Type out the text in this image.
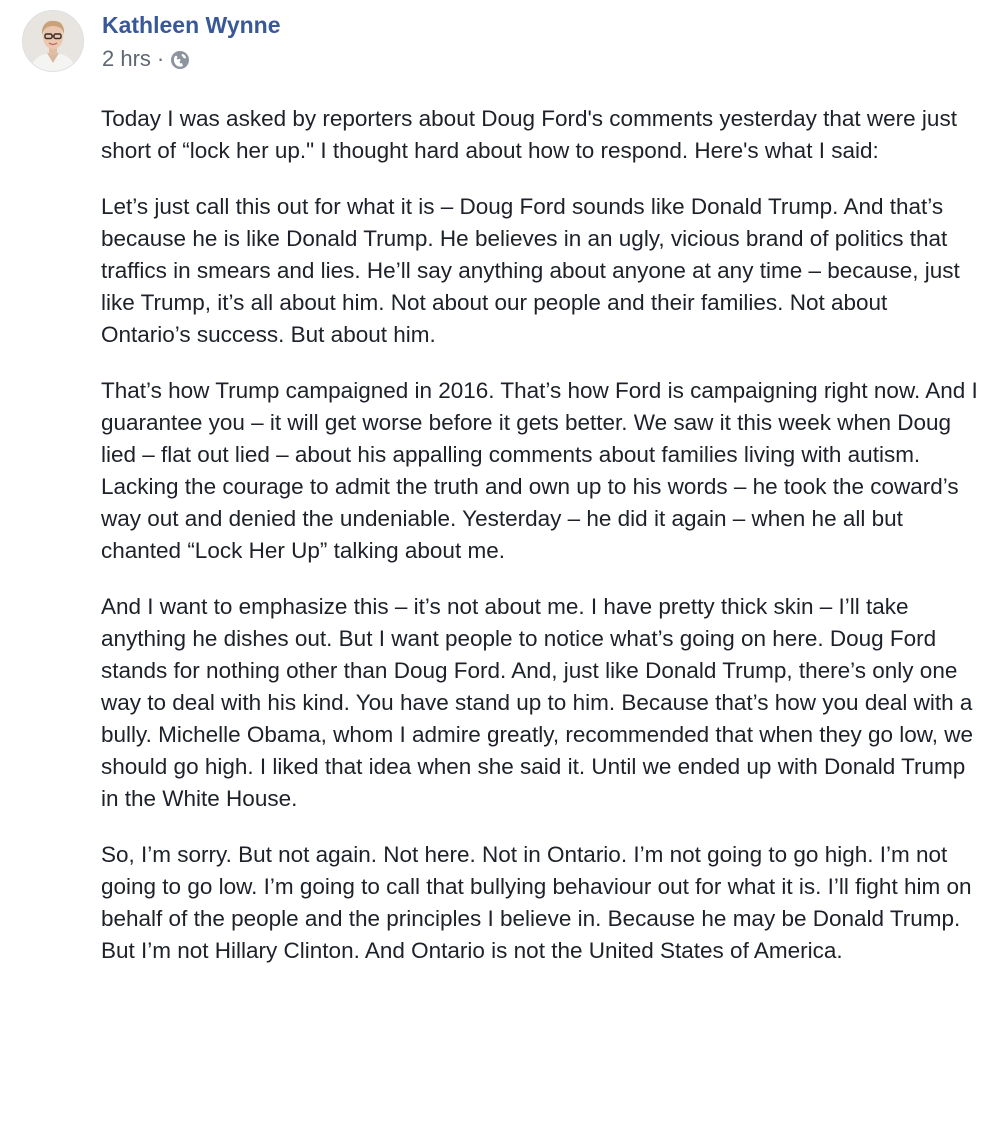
Kathleen Wynne
2 hrs ·

Today I was asked by reporters about Doug Ford's comments yesterday that were just short of “lock her up." I thought hard about how to respond. Here's what I said:

Let’s just call this out for what it is – Doug Ford sounds like Donald Trump. And that’s because he is like Donald Trump. He believes in an ugly, vicious brand of politics that traffics in smears and lies. He’ll say anything about anyone at any time – because, just like Trump, it’s all about him. Not about our people and their families. Not about Ontario’s success. But about him.

That’s how Trump campaigned in 2016. That’s how Ford is campaigning right now. And I guarantee you – it will get worse before it gets better. We saw it this week when Doug lied – flat out lied – about his appalling comments about families living with autism. Lacking the courage to admit the truth and own up to his words – he took the coward’s way out and denied the undeniable. Yesterday – he did it again – when he all but chanted “Lock Her Up” talking about me.

And I want to emphasize this – it’s not about me. I have pretty thick skin – I’ll take anything he dishes out. But I want people to notice what’s going on here. Doug Ford stands for nothing other than Doug Ford. And, just like Donald Trump, there’s only one way to deal with his kind. You have stand up to him. Because that’s how you deal with a bully. Michelle Obama, whom I admire greatly, recommended that when they go low, we should go high. I liked that idea when she said it. Until we ended up with Donald Trump in the White House.

So, I’m sorry. But not again. Not here. Not in Ontario. I’m not going to go high. I’m not going to go low. I’m going to call that bullying behaviour out for what it is. I’ll fight him on behalf of the people and the principles I believe in. Because he may be Donald Trump. But I’m not Hillary Clinton. And Ontario is not the United States of America.
